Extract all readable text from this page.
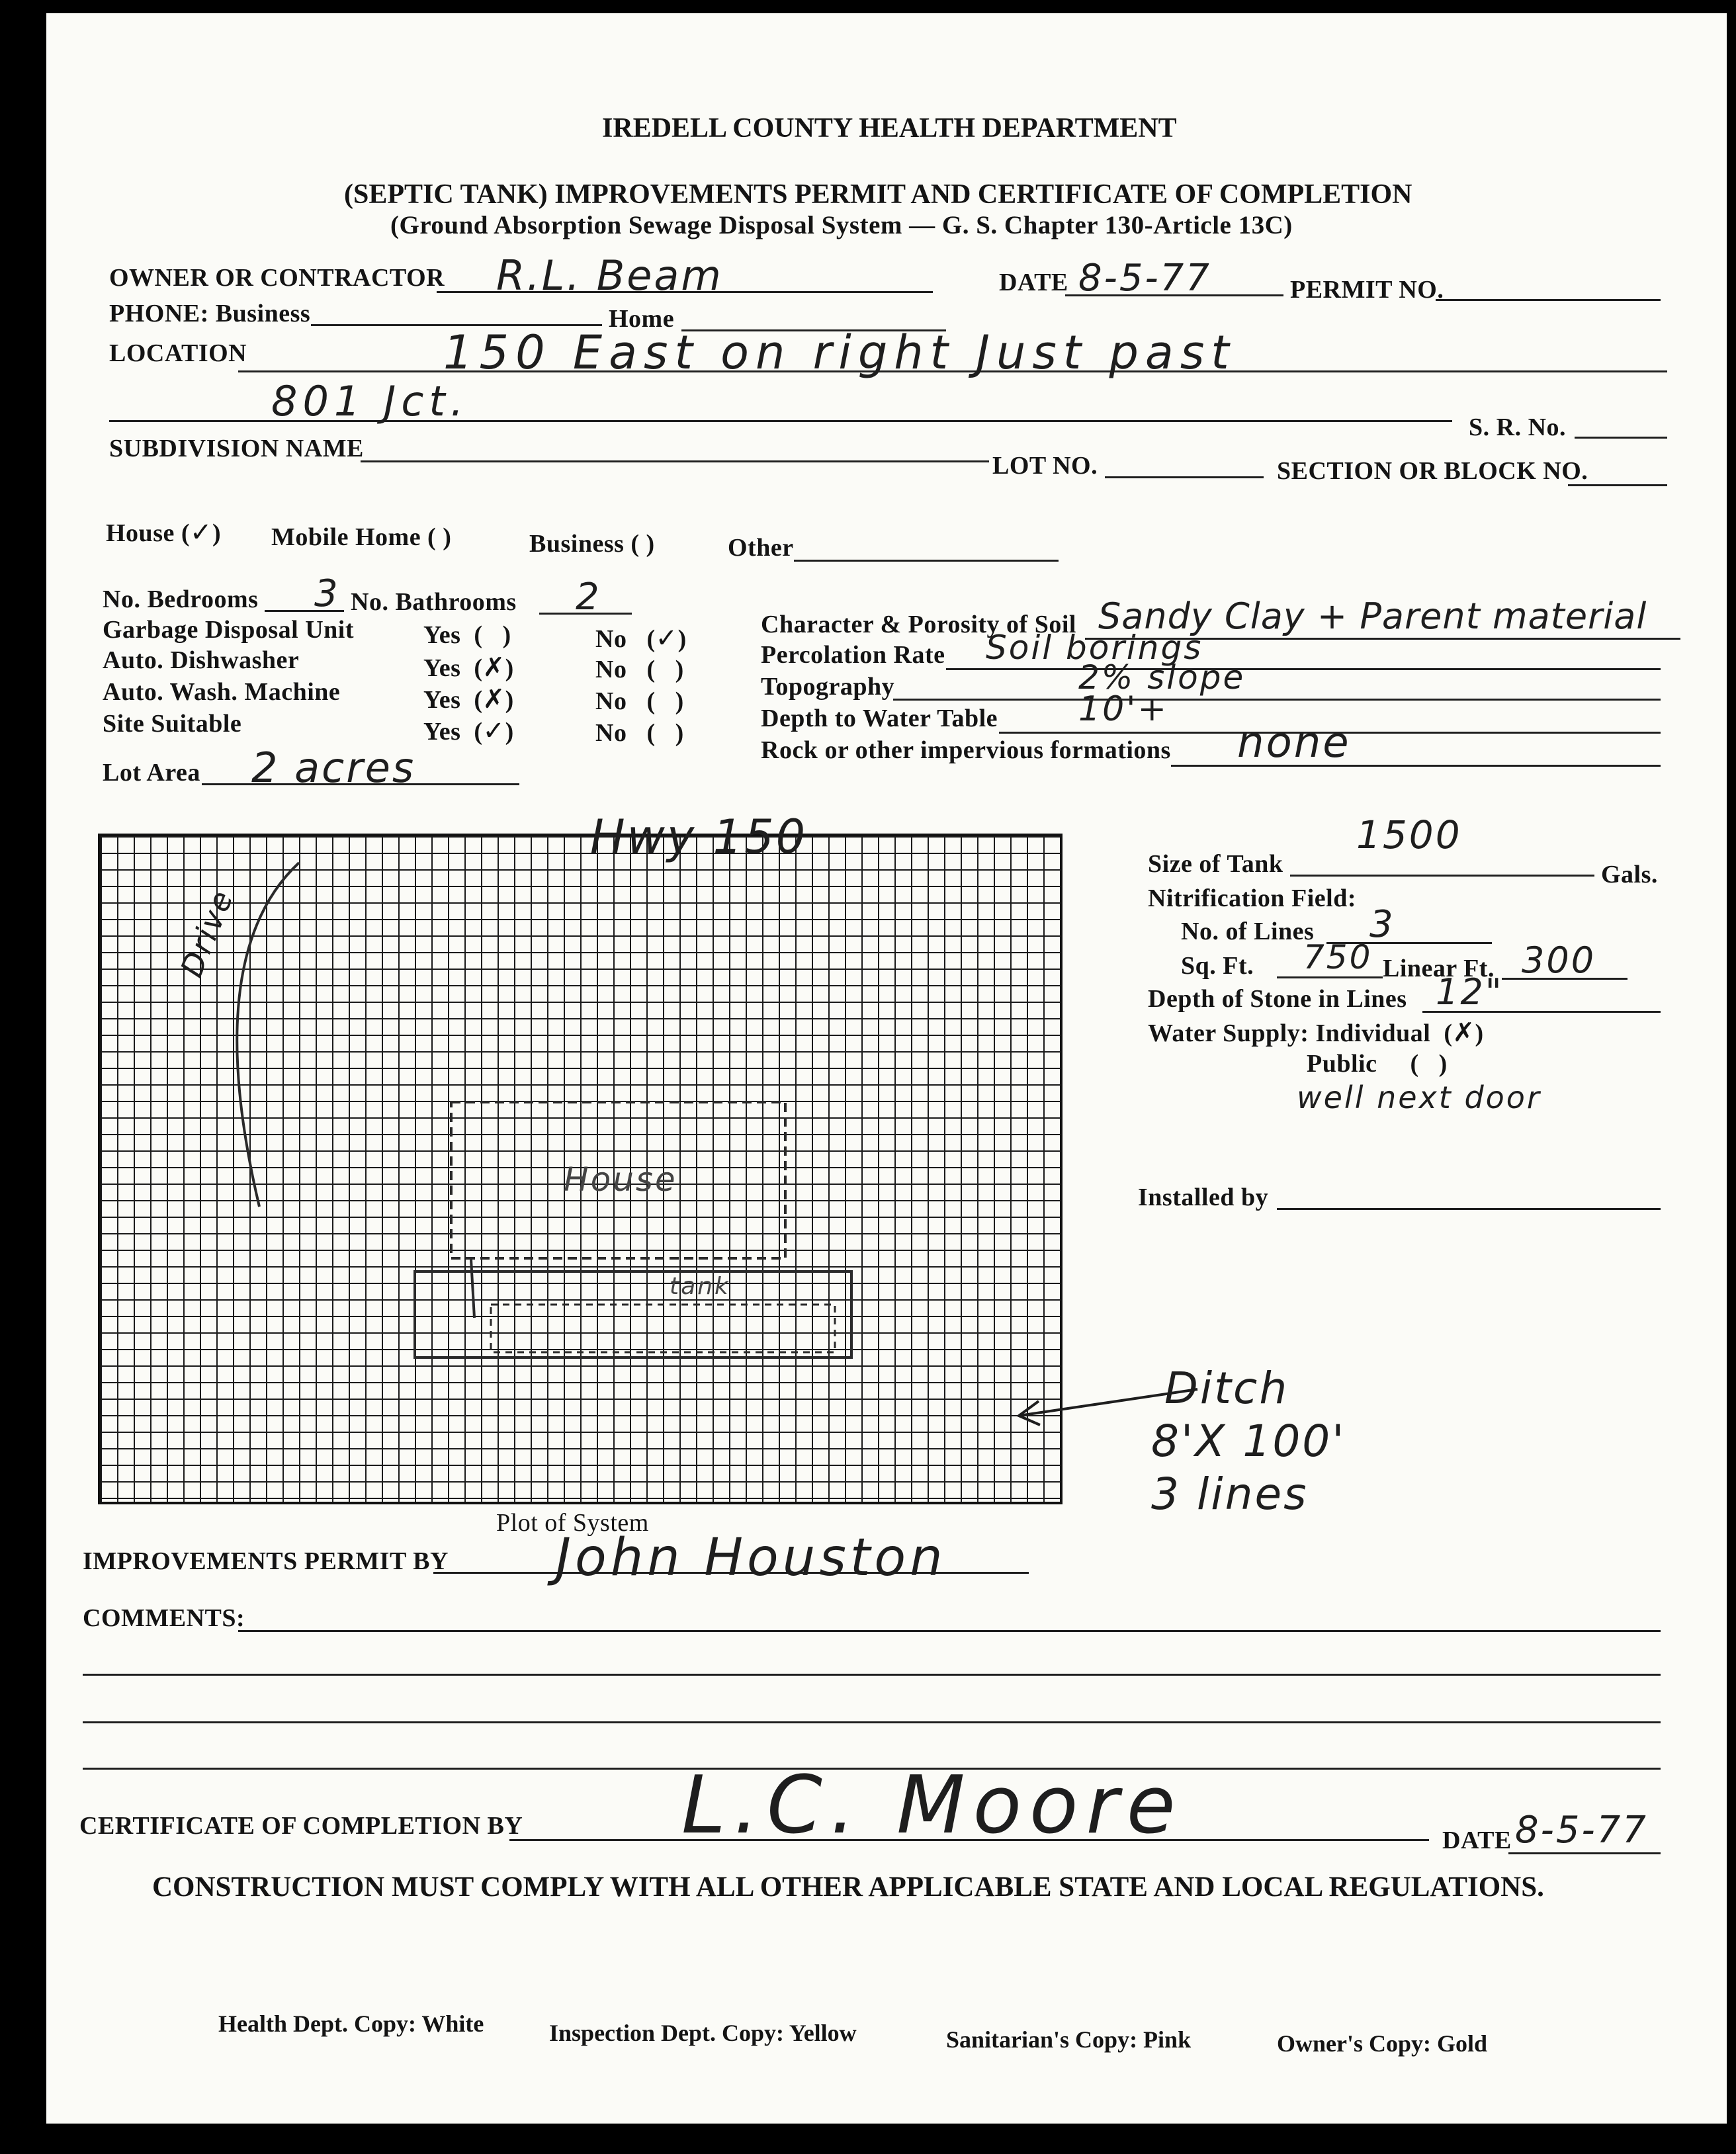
IREDELL COUNTY HEALTH DEPARTMENT
(SEPTIC TANK) IMPROVEMENTS PERMIT AND CERTIFICATE OF COMPLETION
(Ground Absorption Sewage Disposal System — G. S. Chapter 130-Article 13C)
OWNER OR CONTRACTOR R.L. Beam	DATE 8-5-77	PERMIT NO.
PHONE: Business	Home
LOCATION	150 East on right Just past
801 Jct.
S. R. No.
SUBDIVISION NAME
LOT NO.	SECTION OR BLOCK NO.
House (✓) Mobile Home ( )	Business ( )	Other
No. Bedrooms 3 No. Bathrooms 2
Garbage Disposal Unit	Yes  (   )	No   (✓)
Auto. Dishwasher	Yes  (✗)	No   (   )
Auto. Wash. Machine	Yes  (✗)	No   (   )
Site Suitable	Yes  (✓)	No   (   )
Lot Area 2 acres
Character & Porosity of Soil Sandy Clay + Parent material
Percolation Rate Soil borings
Topography	2% slope
Depth to Water Table 10'+
Rock or other impervious formations none
Hwy 150
Drive
House
tank
Plot of System
Ditch
8'X 100'
3 lines
1500
Size of Tank	Gals.
Nitrification Field:
No. of Lines 3
Sq. Ft. 750 Linear Ft. 300
Depth of Stone in Lines 12"
Water Supply: Individual  (✗)
Public     (   )
well next door
Installed by
IMPROVEMENTS PERMIT BY John Houston
COMMENTS:
CERTIFICATE OF COMPLETION BY L.C. Moore	DATE 8-5-77
CONSTRUCTION MUST COMPLY WITH ALL OTHER APPLICABLE STATE AND LOCAL REGULATIONS.
Health Dept. Copy: White	Inspection Dept. Copy: Yellow	Sanitarian's Copy: Pink	Owner's Copy: Gold
